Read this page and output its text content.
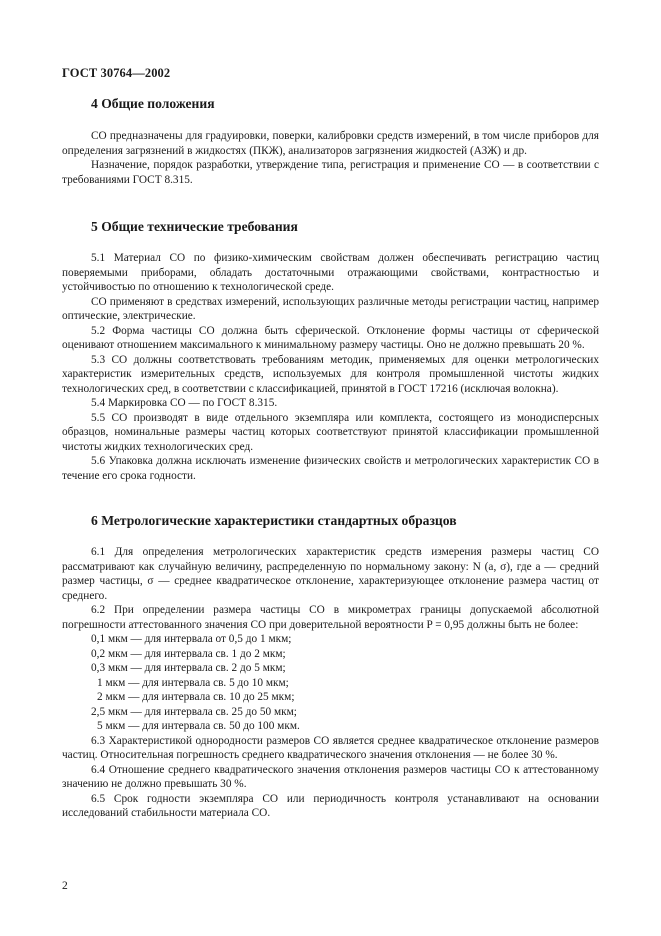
ГОСТ 30764—2002
4 Общие положения

СО предназначены для градуировки, поверки, калибровки средств измерений, в том числе приборов для определения загрязнений в жидкостях (ПКЖ), анализаторов загрязнения жидкостей (АЗЖ) и др.

Назначение, порядок разработки, утверждение типа, регистрация и применение СО — в соответствии с требованиями ГОСТ 8.315.

5 Общие технические требования

5.1 Материал СО по физико-химическим свойствам должен обеспечивать регистрацию частиц поверяемыми приборами, обладать достаточными отражающими свойствами, контрастностью и устойчивостью по отношению к технологической среде.

СО применяют в средствах измерений, использующих различные методы регистрации частиц, например оптические, электрические.

5.2 Форма частицы СО должна быть сферической. Отклонение формы частицы от сферической оценивают отношением максимального к минимальному размеру частицы. Оно не должно превышать 20 %.

5.3 СО должны соответствовать требованиям методик, применяемых для оценки метрологических характеристик измерительных средств, используемых для контроля промышленной чистоты жидких технологических сред, в соответствии с классификацией, принятой в ГОСТ 17216 (исключая волокна).

5.4 Маркировка СО — по ГОСТ 8.315.

5.5 СО производят в виде отдельного экземпляра или комплекта, состоящего из монодисперсных образцов, номинальные размеры частиц которых соответствуют принятой классификации промышленной чистоты жидких технологических сред.

5.6 Упаковка должна исключать изменение физических свойств и метрологических характеристик СО в течение его срока годности.

6 Метрологические характеристики стандартных образцов

6.1 Для определения метрологических характеристик средств измерения размеры частиц СО рассматривают как случайную величину, распределенную по нормальному закону: N (a, σ), где a — средний размер частицы, σ — среднее квадратическое отклонение, характеризующее отклонение размера частиц от среднего.

6.2 При определении размера частицы СО в микрометрах границы допускаемой абсолютной погрешности аттестованного значения СО при доверительной вероятности P = 0,95 должны быть не более:

0,1 мкм — для интервала от 0,5 до 1 мкм;
0,2 мкм — для интервала св. 1 до 2 мкм;
0,3 мкм — для интервала св. 2 до 5 мкм;
1 мкм — для интервала св. 5 до 10 мкм;
2 мкм — для интервала св. 10 до 25 мкм;
2,5 мкм — для интервала св. 25 до 50 мкм;
5 мкм — для интервала св. 50 до 100 мкм.

6.3 Характеристикой однородности размеров СО является среднее квадратическое отклонение размеров частиц. Относительная погрешность среднего квадратического значения отклонения — не более 30 %.

6.4 Отношение среднего квадратического значения отклонения размеров частицы СО к аттестованному значению не должно превышать 30 %.

6.5 Срок годности экземпляра СО или периодичность контроля устанавливают на основании исследований стабильности материала СО.

2
